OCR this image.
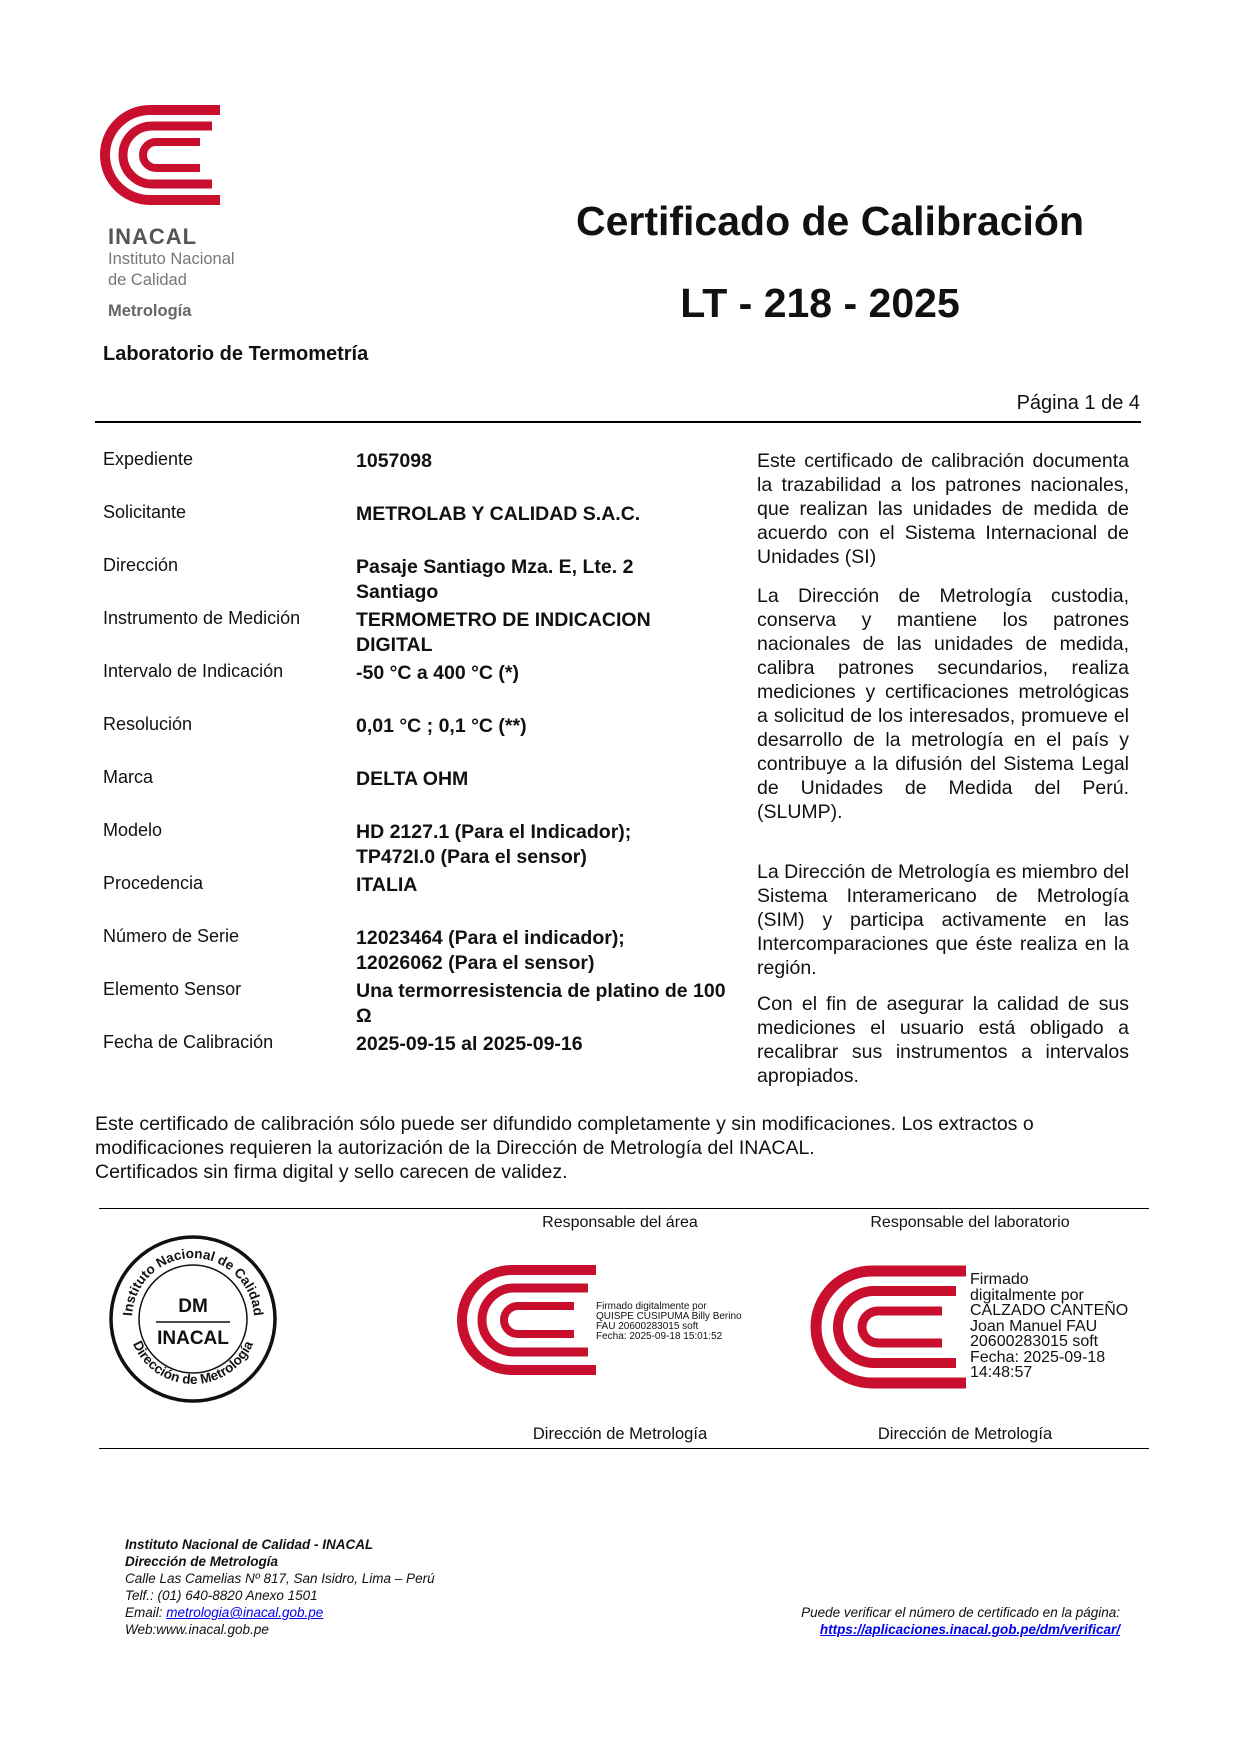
INACAL
Instituto Nacional
de Calidad
Metrología
Laboratorio de Termometría
Certificado de Calibración
LT - 218 - 2025
Página 1 de 4
Expediente	1057098
Solicitante	METROLAB Y CALIDAD S.A.C.
Dirección	Pasaje Santiago Mza. E, Lte. 2 Santiago
Instrumento de Medición	TERMOMETRO DE INDICACION DIGITAL
Intervalo de Indicación	-50 °C a 400 °C (*)
Resolución	0,01 °C ; 0,1 °C (**)
Marca	DELTA OHM
Modelo	HD 2127.1 (Para el Indicador); TP472I.0 (Para el sensor)
Procedencia	ITALIA
Número de Serie	12023464 (Para el indicador); 12026062 (Para el sensor)
Elemento Sensor	Una termorresistencia de platino de 100 Ω
Fecha de Calibración	2025-09-15 al 2025-09-16
Este certificado de calibración documenta la trazabilidad a los patrones nacionales, que realizan las unidades de medida de acuerdo con el Sistema Internacional de Unidades (SI)
La Dirección de Metrología custodia, conserva y mantiene los patrones nacionales de las unidades de medida, calibra patrones secundarios, realiza mediciones y certificaciones metrológicas a solicitud de los interesados, promueve el desarrollo de la metrología en el país y contribuye a la difusión del Sistema Legal de Unidades de Medida del Perú. (SLUMP).
La Dirección de Metrología es miembro del Sistema Interamericano de Metrología (SIM) y participa activamente en las Intercomparaciones que éste realiza en la región.
Con el fin de asegurar la calidad de sus mediciones el usuario está obligado a recalibrar sus instrumentos a intervalos apropiados.
Este certificado de calibración sólo puede ser difundido completamente y sin modificaciones. Los extractos o
modificaciones requieren la autorización de la Dirección de Metrología del INACAL.
Certificados sin firma digital y sello carecen de validez.
Responsable del área	Responsable del laboratorio
Instituto Nacional de Calidad
Dirección de Metrología
DM
INACAL
Firmado digitalmente por
QUISPE CUSIPUMA Billy Berino
FAU 20600283015 soft
Fecha: 2025-09-18 15:01:52
Firmado
digitalmente por
CALZADO CANTEÑO
Joan Manuel FAU
20600283015 soft
Fecha: 2025-09-18
14:48:57
Dirección de Metrología	Dirección de Metrología
Instituto Nacional de Calidad - INACAL
Dirección de Metrología
Calle Las Camelias Nº 817, San Isidro, Lima – Perú
Telf.: (01) 640-8820 Anexo 1501
Email: metrologia@inacal.gob.pe
Web:www.inacal.gob.pe
Puede verificar el número de certificado en la página:
https://aplicaciones.inacal.gob.pe/dm/verificar/
